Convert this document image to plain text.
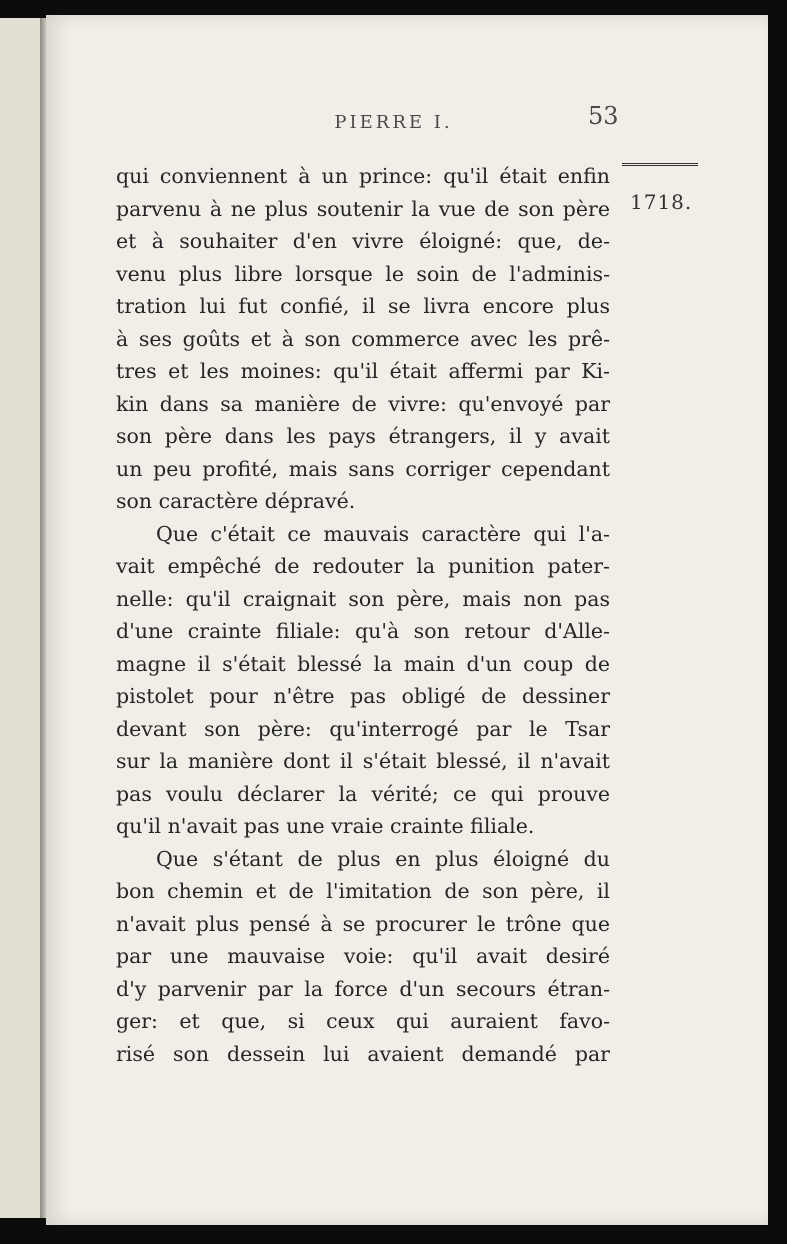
PIERRE I.	53
1718.
qui conviennent à un prince: qu'il était enfin
parvenu à ne plus soutenir la vue de son père
et à souhaiter d'en vivre éloigné: que, de-
venu plus libre lorsque le soin de l'adminis-
tration lui fut confié, il se livra encore plus
à ses goûts et à son commerce avec les prê-
tres et les moines: qu'il était affermi par Ki-
kin dans sa manière de vivre: qu'envoyé par
son père dans les pays étrangers, il y avait
un peu profité, mais sans corriger cependant
son caractère dépravé.
Que c'était ce mauvais caractère qui l'a-
vait empêché de redouter la punition pater-
nelle: qu'il craignait son père, mais non pas
d'une crainte filiale: qu'à son retour d'Alle-
magne il s'était blessé la main d'un coup de
pistolet pour n'être pas obligé de dessiner
devant son père: qu'interrogé par le Tsar
sur la manière dont il s'était blessé, il n'avait
pas voulu déclarer la vérité; ce qui prouve
qu'il n'avait pas une vraie crainte filiale.
Que s'étant de plus en plus éloigné du
bon chemin et de l'imitation de son père, il
n'avait plus pensé à se procurer le trône que
par une mauvaise voie: qu'il avait desiré
d'y parvenir par la force d'un secours étran-
ger: et que, si ceux qui auraient favo-
risé son dessein lui avaient demandé par
